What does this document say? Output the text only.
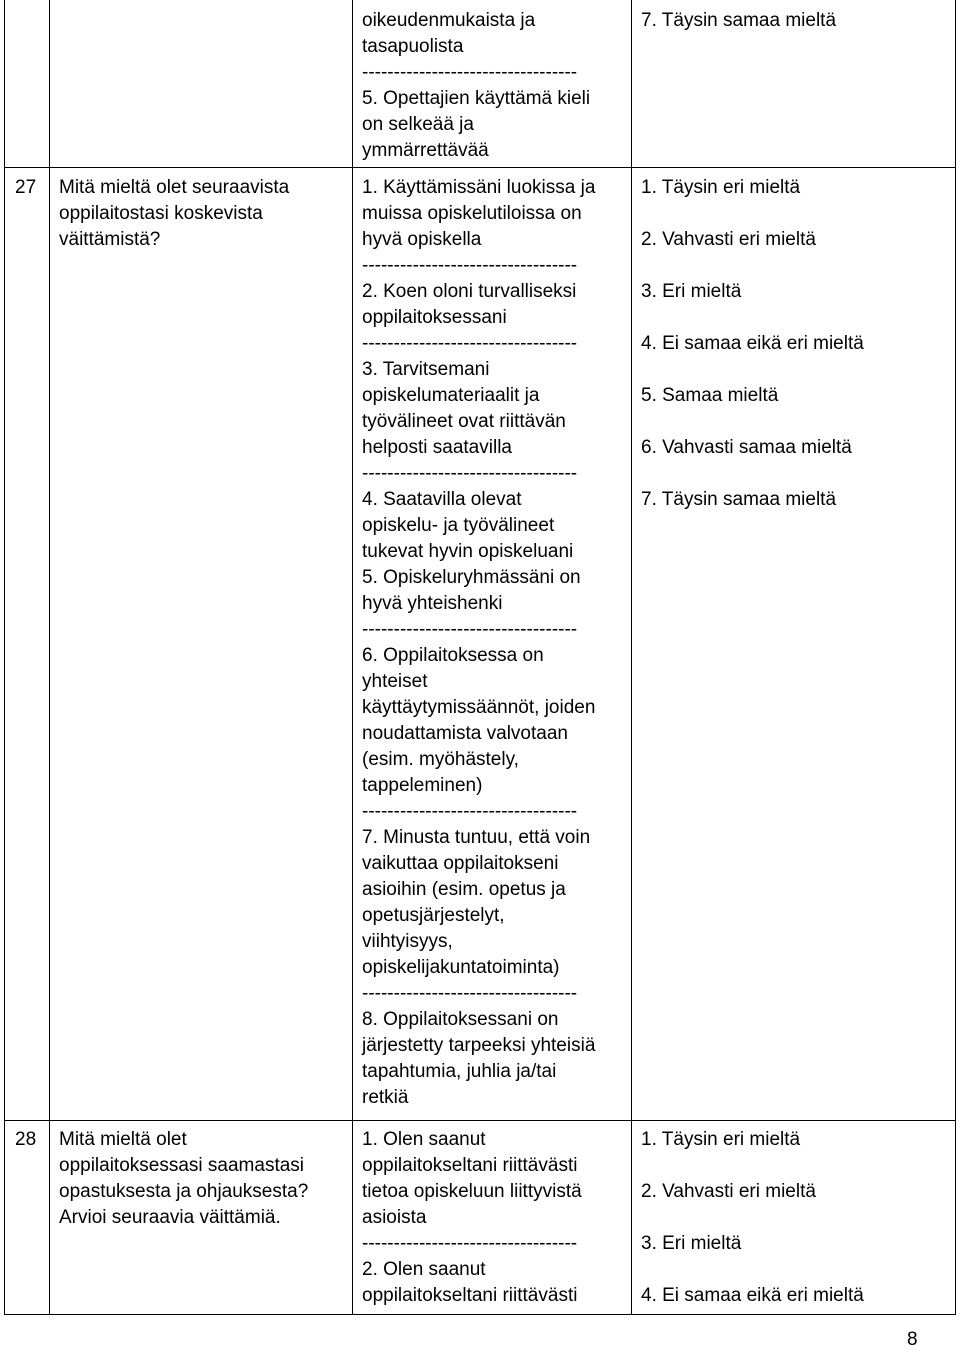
oikeudenmukaista ja
tasapuolista
----------------------------------
5. Opettajien käyttämä kieli
on selkeää ja
ymmärrettävää
7. Täysin samaa mieltä
27 Mitä mieltä olet seuraavista
oppilaitostasi koskevista
väittämistä?
1. Käyttämissäni luokissa ja
muissa opiskelutiloissa on
hyvä opiskella
----------------------------------
2. Koen oloni turvalliseksi
oppilaitoksessani
----------------------------------
3. Tarvitsemani
opiskelumateriaalit ja
työvälineet ovat riittävän
helposti saatavilla
----------------------------------
4. Saatavilla olevat
opiskelu- ja työvälineet
tukevat hyvin opiskeluani
5. Opiskeluryhmässäni on
hyvä yhteishenki
----------------------------------
6. Oppilaitoksessa on
yhteiset
käyttäytymissäännöt, joiden
noudattamista valvotaan
(esim. myöhästely,
tappeleminen)
----------------------------------
7. Minusta tuntuu, että voin
vaikuttaa oppilaitokseni
asioihin (esim. opetus ja
opetusjärjestelyt,
viihtyisyys,
opiskelijakuntatoiminta)
----------------------------------
8. Oppilaitoksessani on
järjestetty tarpeeksi yhteisiä
tapahtumia, juhlia ja/tai
retkiä
1. Täysin eri mieltä
2. Vahvasti eri mieltä
3. Eri mieltä
4. Ei samaa eikä eri mieltä
5. Samaa mieltä
6. Vahvasti samaa mieltä
7. Täysin samaa mieltä
28 Mitä mieltä olet
oppilaitoksessasi saamastasi
opastuksesta ja ohjauksesta?
Arvioi seuraavia väittämiä.
1. Olen saanut
oppilaitokseltani riittävästi
tietoa opiskeluun liittyvistä
asioista
----------------------------------
2. Olen saanut
oppilaitokseltani riittävästi
1. Täysin eri mieltä
2. Vahvasti eri mieltä
3. Eri mieltä
4. Ei samaa eikä eri mieltä
8
